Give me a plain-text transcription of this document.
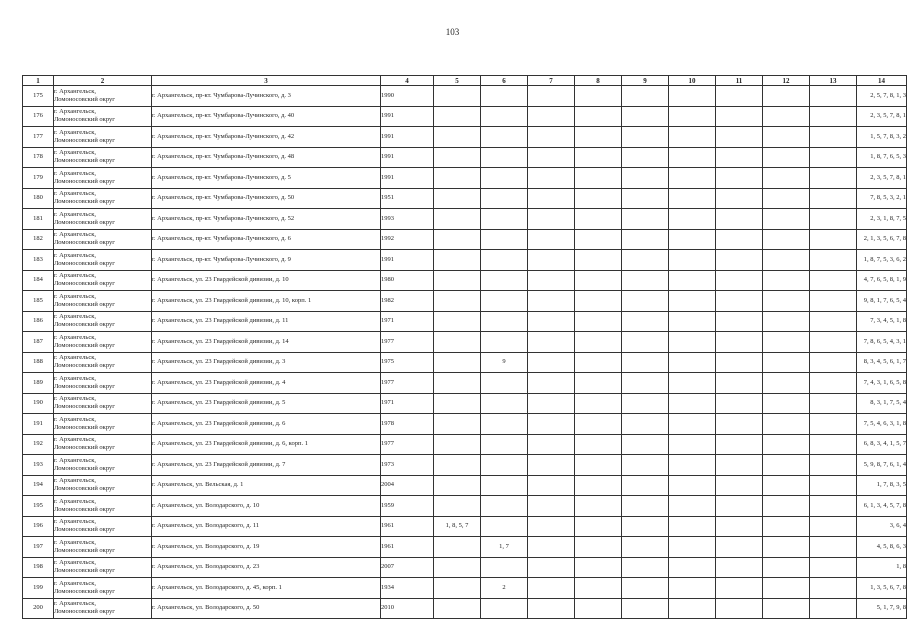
103
1	2	3	4	5	6	7	8	9	10	11	12	13	14
175	г. Архангельск,
Ломоносовский округ	г. Архангельск, пр-кт. Чумбарова-Лучинского, д. 3	1990										2, 5, 7, 8, 1, 3
176	г. Архангельск,
Ломоносовский округ	г. Архангельск, пр-кт. Чумбарова-Лучинского, д. 40	1991										2, 3, 5, 7, 8, 1
177	г. Архангельск,
Ломоносовский округ	г. Архангельск, пр-кт. Чумбарова-Лучинского, д. 42	1991										1, 5, 7, 8, 3, 2
178	г. Архангельск,
Ломоносовский округ	г. Архангельск, пр-кт. Чумбарова-Лучинского, д. 48	1991										1, 8, 7, 6, 5, 3
179	г. Архангельск,
Ломоносовский округ	г. Архангельск, пр-кт. Чумбарова-Лучинского, д. 5	1991										2, 3, 5, 7, 8, 1
180	г. Архангельск,
Ломоносовский округ	г. Архангельск, пр-кт. Чумбарова-Лучинского, д. 50	1951										7, 8, 5, 3, 2, 1
181	г. Архангельск,
Ломоносовский округ	г. Архангельск, пр-кт. Чумбарова-Лучинского, д. 52	1993										2, 3, 1, 8, 7, 5
182	г. Архангельск,
Ломоносовский округ	г. Архангельск, пр-кт. Чумбарова-Лучинского, д. 6	1992										2, 1, 3, 5, 6, 7, 8
183	г. Архангельск,
Ломоносовский округ	г. Архангельск, пр-кт. Чумбарова-Лучинского, д. 9	1991										1, 8, 7, 5, 3, 6, 2
184	г. Архангельск,
Ломоносовский округ	г. Архангельск, ул. 23 Гвардейской дивизии, д. 10	1980										4, 7, 6, 5, 8, 1, 9
185	г. Архангельск,
Ломоносовский округ	г. Архангельск, ул. 23 Гвардейской дивизии, д. 10, корп. 1	1982										9, 8, 1, 7, 6, 5, 4
186	г. Архангельск,
Ломоносовский округ	г. Архангельск, ул. 23 Гвардейской дивизии, д. 11	1971										7, 3, 4, 5, 1, 8
187	г. Архангельск,
Ломоносовский округ	г. Архангельск, ул. 23 Гвардейской дивизии, д. 14	1977										7, 8, 6, 5, 4, 3, 1
188	г. Архангельск,
Ломоносовский округ	г. Архангельск, ул. 23 Гвардейской дивизии, д. 3	1975		9								8, 3, 4, 5, 6, 1, 7
189	г. Архангельск,
Ломоносовский округ	г. Архангельск, ул. 23 Гвардейской дивизии, д. 4	1977										7, 4, 3, 1, 6, 5, 8
190	г. Архангельск,
Ломоносовский округ	г. Архангельск, ул. 23 Гвардейской дивизии, д. 5	1971										8, 3, 1, 7, 5, 4
191	г. Архангельск,
Ломоносовский округ	г. Архангельск, ул. 23 Гвардейской дивизии, д. 6	1978										7, 5, 4, 6, 3, 1, 8
192	г. Архангельск,
Ломоносовский округ	г. Архангельск, ул. 23 Гвардейской дивизии, д. 6, корп. 1	1977										6, 8, 3, 4, 1, 5, 7
193	г. Архангельск,
Ломоносовский округ	г. Архангельск, ул. 23 Гвардейской дивизии, д. 7	1973										5, 9, 8, 7, 6, 1, 4
194	г. Архангельск,
Ломоносовский округ	г. Архангельск, ул. Вельская, д. 1	2004										1, 7, 8, 3, 5
195	г. Архангельск,
Ломоносовский округ	г. Архангельск, ул. Володарского, д. 10	1959										6, 1, 3, 4, 5, 7, 8
196	г. Архангельск,
Ломоносовский округ	г. Архангельск, ул. Володарского, д. 11	1961	1, 8, 5, 7									3, 6, 4
197	г. Архангельск,
Ломоносовский округ	г. Архангельск, ул. Володарского, д. 19	1961		1, 7								4, 5, 8, 6, 3
198	г. Архангельск,
Ломоносовский округ	г. Архангельск, ул. Володарского, д. 23	2007										1, 8
199	г. Архангельск,
Ломоносовский округ	г. Архангельск, ул. Володарского, д. 45, корп. 1	1934		2								1, 3, 5, 6, 7, 8
200	г. Архангельск,
Ломоносовский округ	г. Архангельск, ул. Володарского, д. 50	2010										5, 1, 7, 9, 8
